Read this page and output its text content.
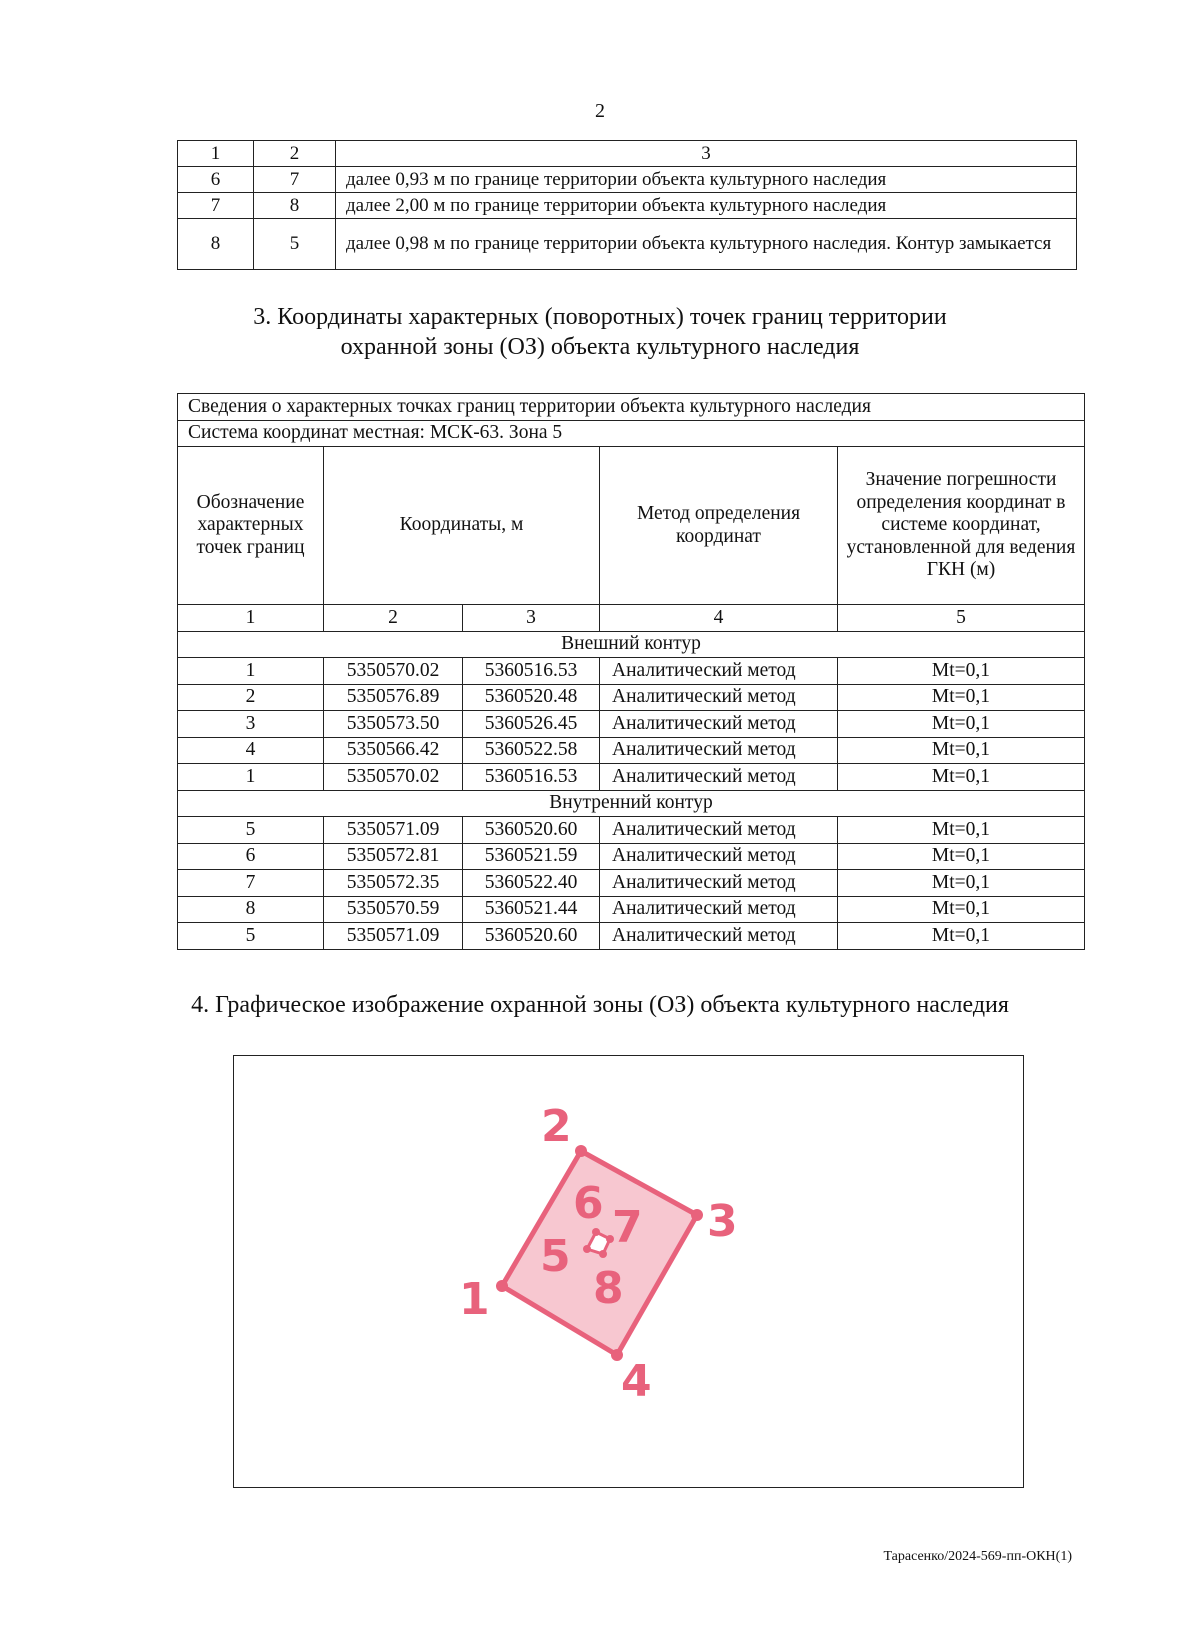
2
1	2	3
6	7	далее 0,93 м по границе территории объекта культурного наследия
7	8	далее 2,00 м по границе территории объекта культурного наследия
8	5	далее 0,98 м по границе территории объекта культурного наследия. Контур замыкается
3. Координаты характерных (поворотных) точек границ территории
охранной зоны (ОЗ) объекта культурного наследия
Сведения о характерных точках границ территории объекта культурного наследия				
Система координат местная: МСК-63. Зона 5				
Обозначение характерных точек границ	Координаты, м		Метод определения координат	Значение погрешности определения координат в системе координат, установленной для ведения ГКН (м)
1	2	3	4	5
Внешний контур				
1	5350570.02	5360516.53	Аналитический метод	Mt=0,1
2	5350576.89	5360520.48	Аналитический метод	Mt=0,1
3	5350573.50	5360526.45	Аналитический метод	Mt=0,1
4	5350566.42	5360522.58	Аналитический метод	Mt=0,1
1	5350570.02	5360516.53	Аналитический метод	Mt=0,1
Внутренний контур				
5	5350571.09	5360520.60	Аналитический метод	Mt=0,1
6	5350572.81	5360521.59	Аналитический метод	Mt=0,1
7	5350572.35	5360522.40	Аналитический метод	Mt=0,1
8	5350570.59	5360521.44	Аналитический метод	Mt=0,1
5	5350571.09	5360520.60	Аналитический метод	Mt=0,1
4. Графическое изображение охранной зоны (ОЗ) объекта культурного наследия
1
2
3
4
5
6 7
8
Тарасенко/2024-569-пп-ОКН(1)
